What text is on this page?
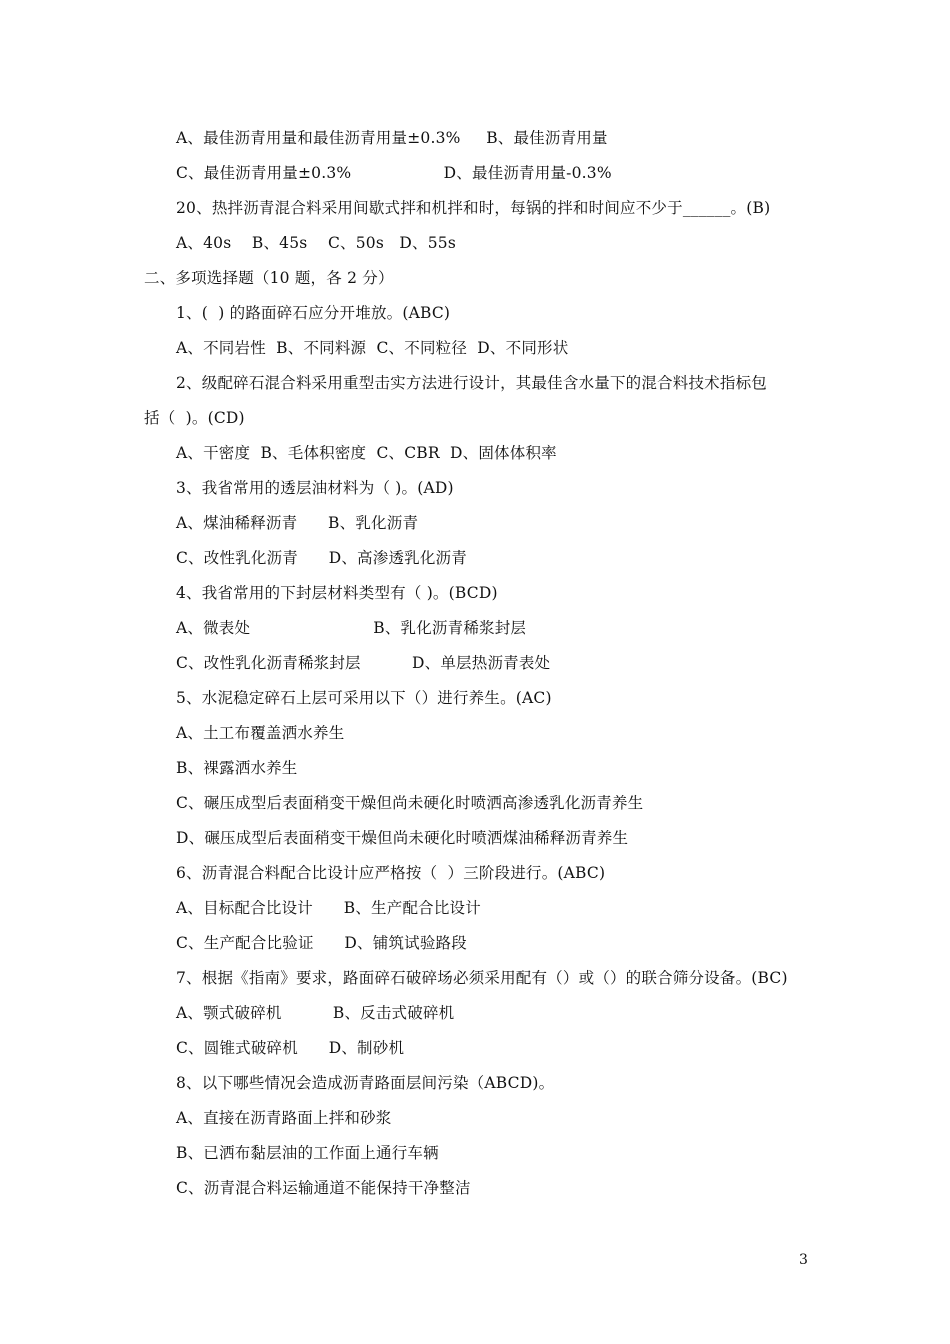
A、最佳沥青用量和最佳沥青用量±0.3%     B、最佳沥青用量
C、最佳沥青用量±0.3%                  D、最佳沥青用量-0.3%
20、热拌沥青混合料采用间歇式拌和机拌和时，每锅的拌和时间应不少于______。(B)
A、40s    B、45s    C、50s   D、55s
二、多项选择题（10 题，各 2 分）
1、(  ) 的路面碎石应分开堆放。(ABC)
A、不同岩性  B、不同料源  C、不同粒径  D、不同形状
2、级配碎石混合料采用重型击实方法进行设计，其最佳含水量下的混合料技术指标包
括（  )。(CD)
A、干密度  B、毛体积密度  C、CBR  D、固体体积率
3、我省常用的透层油材料为（ )。(AD)
A、煤油稀释沥青      B、乳化沥青
C、改性乳化沥青      D、高渗透乳化沥青
4、我省常用的下封层材料类型有（ )。(BCD)
A、微表处                        B、乳化沥青稀浆封层
C、改性乳化沥青稀浆封层          D、单层热沥青表处
5、水泥稳定碎石上层可采用以下（）进行养生。(AC)
A、土工布覆盖洒水养生
B、裸露洒水养生
C、碾压成型后表面稍变干燥但尚未硬化时喷洒高渗透乳化沥青养生
D、碾压成型后表面稍变干燥但尚未硬化时喷洒煤油稀释沥青养生
6、沥青混合料配合比设计应严格按（  ）三阶段进行。(ABC)
A、目标配合比设计      B、生产配合比设计
C、生产配合比验证      D、铺筑试验路段
7、根据《指南》要求，路面碎石破碎场必须采用配有（）或（）的联合筛分设备。(BC)
A、颚式破碎机          B、反击式破碎机
C、圆锥式破碎机      D、制砂机
8、以下哪些情况会造成沥青路面层间污染（ABCD)。
A、直接在沥青路面上拌和砂浆
B、已洒布黏层油的工作面上通行车辆
C、沥青混合料运输通道不能保持干净整洁
3
